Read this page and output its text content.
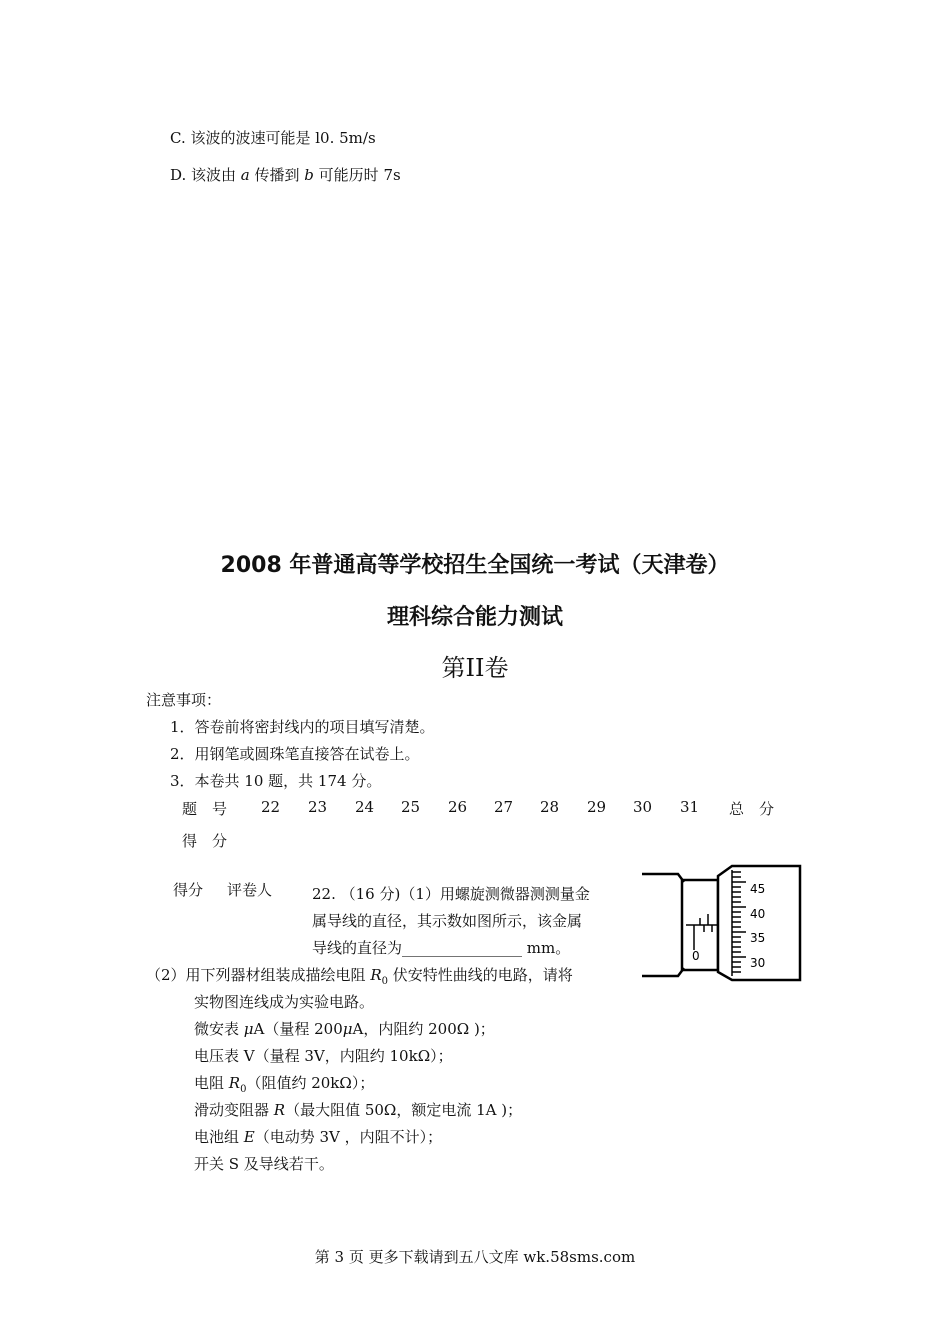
C. 该波的波速可能是 l0. 5m/s
D. 该波由 a 传播到 b 可能历时 7s
2008 年普通高等学校招生全国统一考试（天津卷）
理科综合能力测试
第II卷
注意事项：
1．答卷前将密封线内的项目填写清楚。
2．用钢笔或圆珠笔直接答在试卷上。
3．本卷共 10 题，共 174 分。
题　号 22 23 24 25 26 27 28 29 30 31 总　分
得　分
得分 评卷人	22. （16 分)（1）用螺旋测微器测测量金
属导线的直径，其示数如图所示，该金属
导线的直径为________________ mm。
（2）用下列器材组装成描绘电阻 $R_0$ 伏安特性曲线的电路，请将
实物图连线成为实验电路。
微安表 μA（量程 200μA，内阻约 200Ω )；
电压表 V（量程 3V，内阻约 10kΩ）；
电阻 $R_0$（阻值约 20kΩ）；
滑动变阻器 R（最大阻值 50Ω，额定电流 1A )；
电池组 E（电动势 3V ，内阻不计）；
开关 S 及导线若干。
0
45
40
35
30
第 3 页 更多下载请到五八文库 wk.58sms.com
